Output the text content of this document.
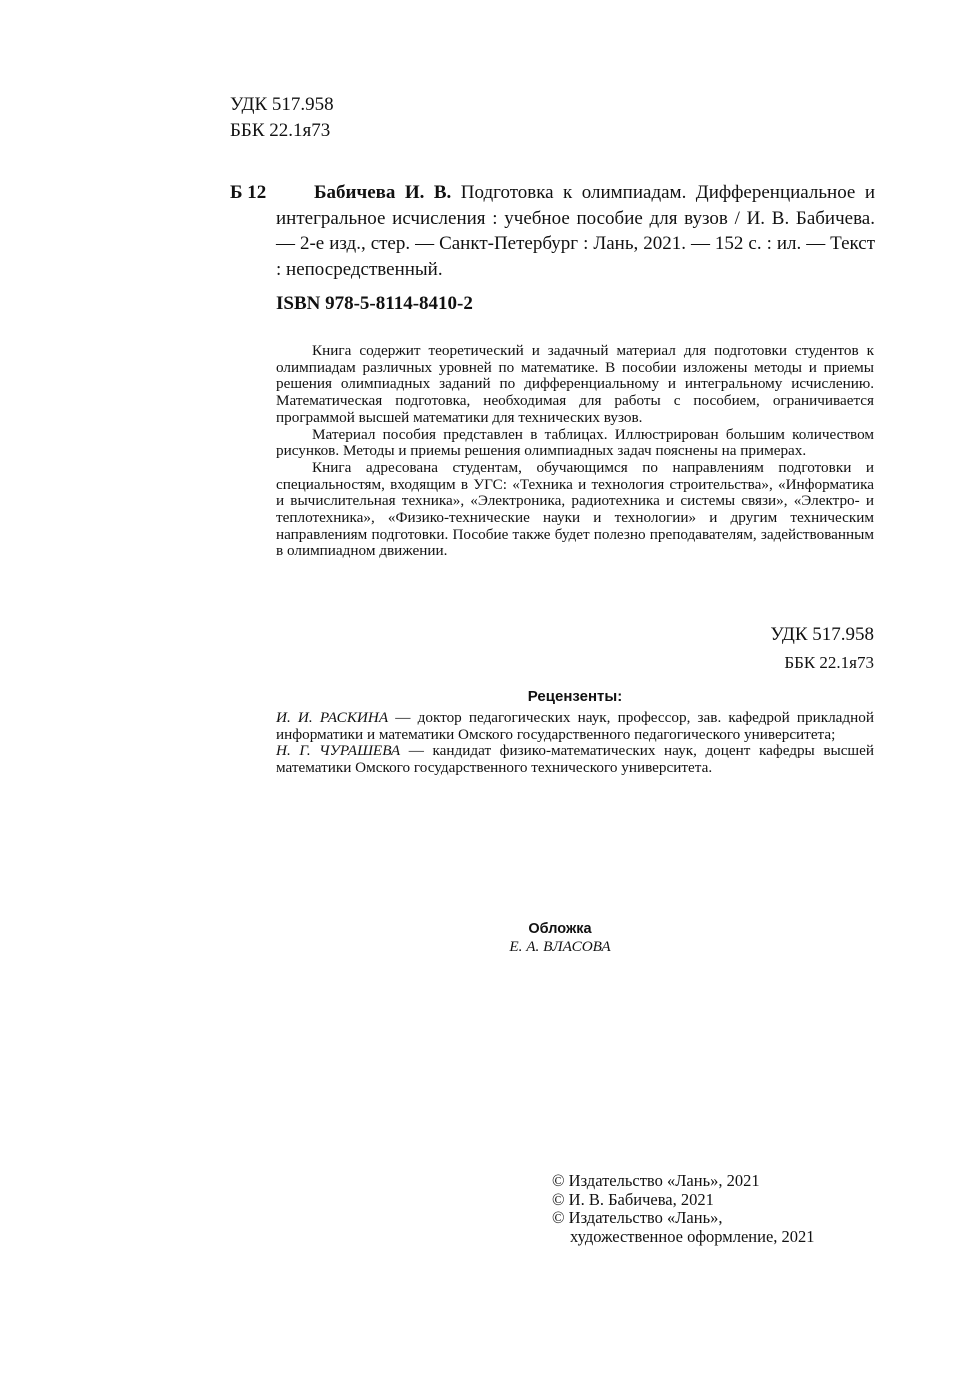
УДК 517.958
ББК 22.1я73
Б 12	Бабичева И. В. Подготовка к олимпиадам. Дифференциальное и интегральное исчисления : учебное пособие для вузов / И. В. Бабичева. — 2-е изд., стер. — Санкт-Петербург : Лань, 2021. — 152 с. : ил. — Текст : непосредственный.
ISBN 978-5-8114-8410-2

Книга содержит теоретический и задачный материал для подготовки студентов к олимпиадам различных уровней по математике. В пособии изложены методы и приемы решения олимпиадных заданий по дифференциальному и интегральному исчислению. Математическая подготовка, необходимая для работы с пособием, ограничивается программой высшей математики для технических вузов.

Материал пособия представлен в таблицах. Иллюстрирован большим количеством рисунков. Методы и приемы решения олимпиадных задач пояснены на примерах.

Книга адресована студентам, обучающимся по направлениям подготовки и специальностям, входящим в УГС: «Техника и технология строительства», «Информатика и вычислительная техника», «Электроника, радиотехника и системы связи», «Электро- и теплотехника», «Физико-технические науки и технологии» и другим техническим направлениям подготовки. Пособие также будет полезно преподавателям, задействованным в олимпиадном движении.

УДК 517.958
ББК 22.1я73
Рецензенты:

И. И. РАСКИНА — доктор педагогических наук, профессор, зав. кафедрой прикладной информатики и математики Омского государственного педагогического университета;

Н. Г. ЧУРАШЕВА — кандидат физико-математических наук, доцент кафедры высшей математики Омского государственного технического университета.

Обложка
Е. А. ВЛАСОВА
© Издательство «Лань», 2021
© И. В. Бабичева, 2021
© Издательство «Лань»,
художественное оформление, 2021
